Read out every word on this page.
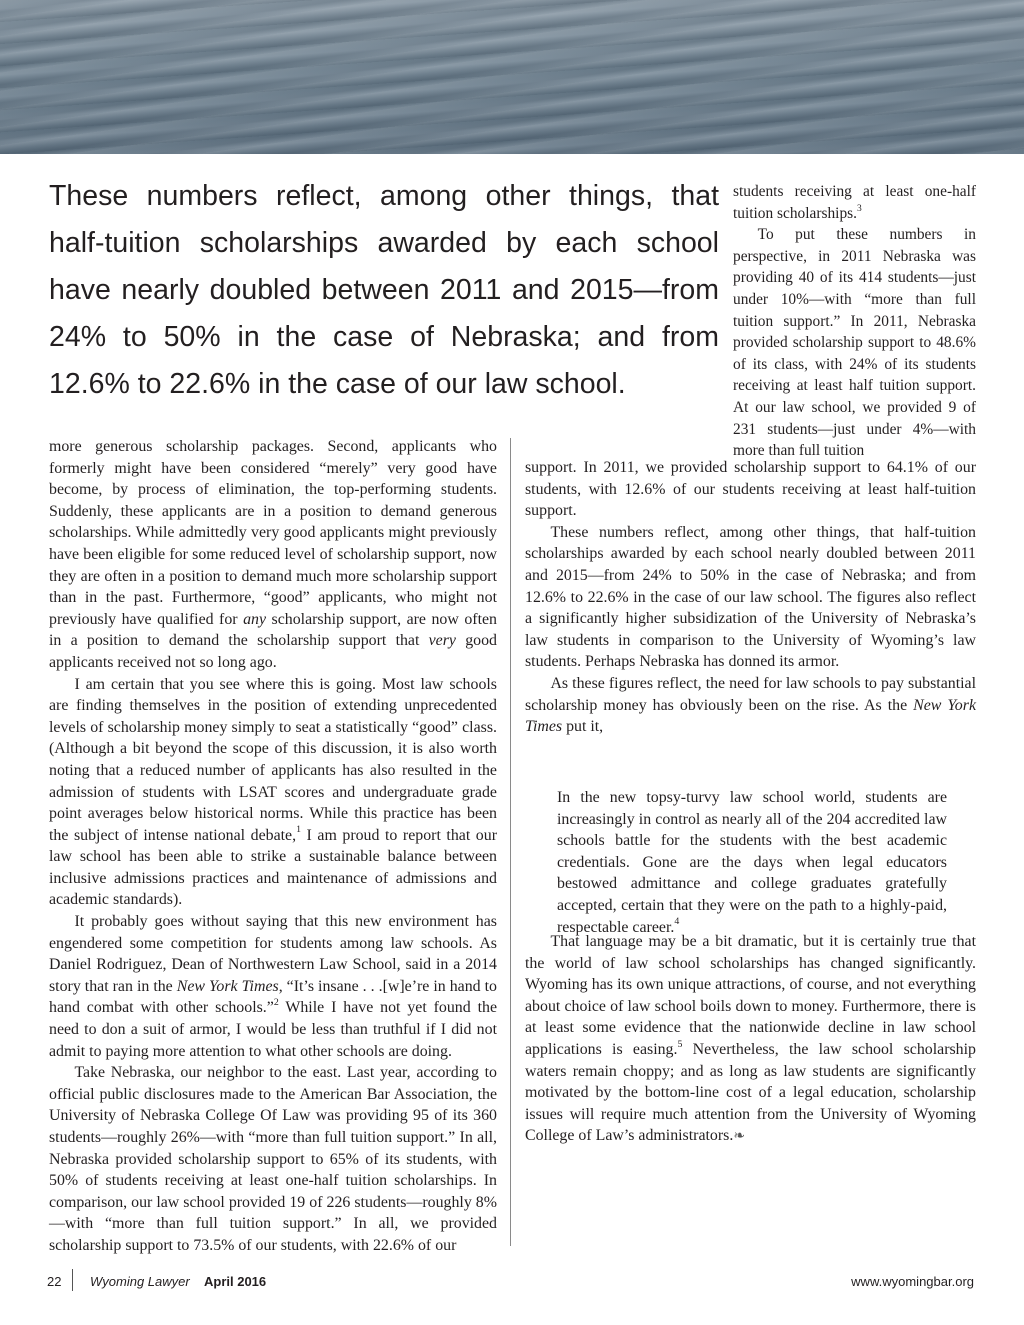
These numbers reflect, among other things, that half-tuition scholarships awarded by each school have nearly doubled between 2011 and 2015—from 24% to 50% in the case of Nebraska; and from 12.6% to 22.6% in the case of our law school.

more generous scholarship packages. Second, applicants who formerly might have been considered “merely” very good have become, by process of elimination, the top-performing students. Suddenly, these applicants are in a position to demand generous scholarships. While admittedly very good applicants might previously have been eligible for some reduced level of scholarship support, now they are often in a position to demand much more scholarship support than in the past. Furthermore, “good” applicants, who might not previously have qualified for any scholarship support, are now often in a position to demand the scholarship support that very good applicants received not so long ago.

I am certain that you see where this is going. Most law schools are finding themselves in the position of extending unprecedented levels of scholarship money simply to seat a statistically “good” class. (Although a bit beyond the scope of this discussion, it is also worth noting that a reduced number of applicants has also resulted in the admission of students with LSAT scores and undergraduate grade point averages below historical norms. While this practice has been the subject of intense national debate,$^1$ I am proud to report that our law school has been able to strike a sustainable balance between inclusive admissions practices and maintenance of admissions and academic standards).

It probably goes without saying that this new environment has engendered some competition for students among law schools. As Daniel Rodriguez, Dean of Northwestern Law School, said in a 2014 story that ran in the New York Times, “It’s insane . . .[w]e’re in hand to hand combat with other schools.”$^2$ While I have not yet found the need to don a suit of armor, I would be less than truthful if I did not admit to paying more attention to what other schools are doing.

Take Nebraska, our neighbor to the east. Last year, according to official public disclosures made to the American Bar Association, the University of Nebraska College Of Law was providing 95 of its 360 students—roughly 26%—with “more than full tuition support.” In all, Nebraska provided scholarship support to 65% of its students, with 50% of students receiving at least one-half tuition scholarships. In comparison, our law school provided 19 of 226 students—roughly 8%—with “more than full tuition support.” In all, we provided scholarship support to 73.5% of our students, with 22.6% of our

students receiving at least one-half tuition scholarships.$^3$

To put these numbers in perspective, in 2011 Nebraska was providing 40 of its 414 students—just under 10%—with “more than full tuition support.” In 2011, Nebraska provided scholarship support to 48.6% of its class, with 24% of its students receiving at least half tuition support. At our law school, we provided 9 of 231 students—just under 4%—with more than full tuition

support. In 2011, we provided scholarship support to 64.1% of our students, with 12.6% of our students receiving at least half-tuition support.

These numbers reflect, among other things, that half-tuition scholarships awarded by each school nearly doubled between 2011 and 2015—from 24% to 50% in the case of Nebraska; and from 12.6% to 22.6% in the case of our law school. The figures also reflect a significantly higher subsidization of the University of Nebraska’s law students in comparison to the University of Wyoming’s law students. Perhaps Nebraska has donned its armor.

As these figures reflect, the need for law schools to pay substantial scholarship money has obviously been on the rise. As the New York Times put it,

In the new topsy-turvy law school world, students are increasingly in control as nearly all of the 204 accredited law schools battle for the students with the best academic credentials. Gone are the days when legal educators bestowed admittance and college graduates gratefully accepted, certain that they were on the path to a highly-paid, respectable career.$^4$

That language may be a bit dramatic, but it is certainly true that the world of law school scholarships has changed significantly. Wyoming has its own unique attractions, of course, and not everything about choice of law school boils down to money. Furthermore, there is at least some evidence that the nationwide decline in law school applications is easing.$^5$ Nevertheless, the law school scholarship waters remain choppy; and as long as law students are significantly motivated by the bottom-line cost of a legal education, scholarship issues will require much attention from the University of Wyoming College of Law’s administrators.❧

22 Wyoming Lawyer April 2016	www.wyomingbar.org
